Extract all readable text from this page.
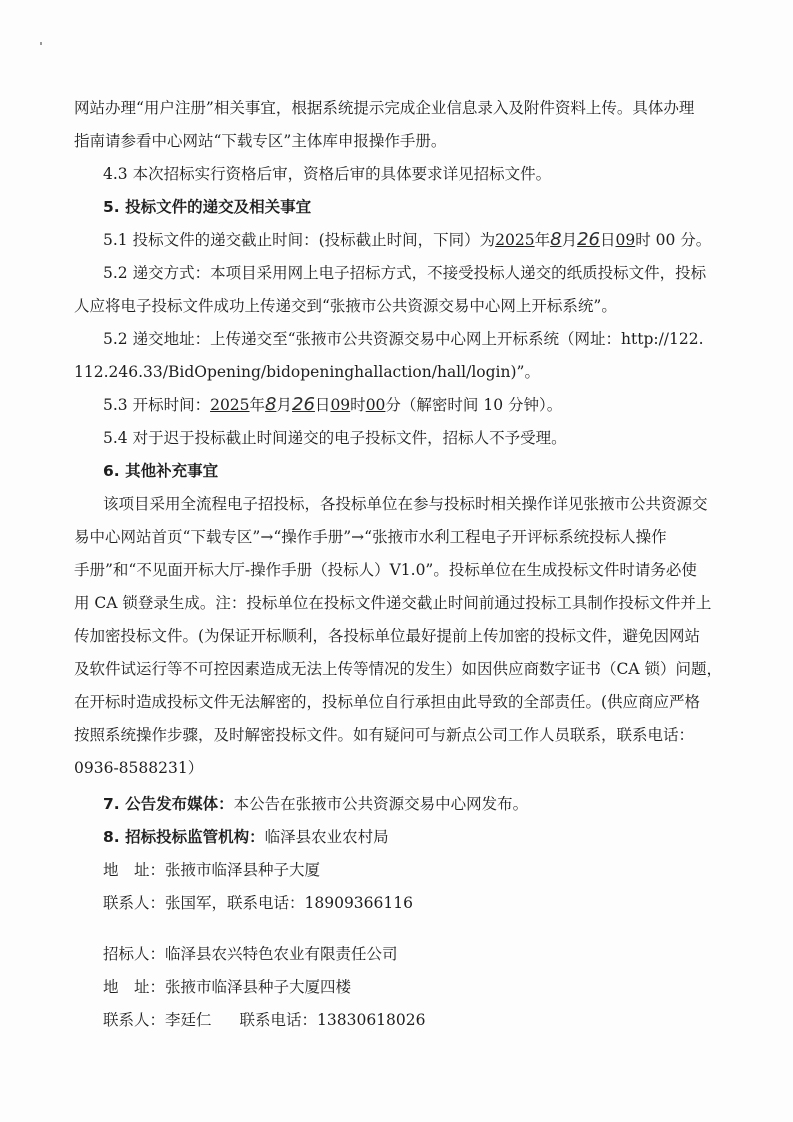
网站办理“用户注册”相关事宜，根据系统提示完成企业信息录入及附件资料上传。具体办理
指南请参看中心网站“下载专区”主体库申报操作手册。
4.3 本次招标实行资格后审，资格后审的具体要求详见招标文件。
5. 投标文件的递交及相关事宜
5.1 投标文件的递交截止时间：(投标截止时间，下同）为2025年8月26日09时 00 分。
5.2 递交方式：本项目采用网上电子招标方式，不接受投标人递交的纸质投标文件，投标
人应将电子投标文件成功上传递交到“张掖市公共资源交易中心网上开标系统”。
5.2 递交地址：上传递交至“张掖市公共资源交易中心网上开标系统（网址：http://122.
112.246.33/BidOpening/bidopeninghallaction/hall/login)”。
5.3 开标时间：2025年8月26日09时00分（解密时间 10 分钟）。
5.4 对于迟于投标截止时间递交的电子投标文件，招标人不予受理。
6. 其他补充事宜
该项目采用全流程电子招投标，各投标单位在参与投标时相关操作详见张掖市公共资源交
易中心网站首页“下载专区”→“操作手册”→“张掖市水利工程电子开评标系统投标人操作
手册”和“不见面开标大厅-操作手册（投标人）V1.0”。投标单位在生成投标文件时请务必使
用 CA 锁登录生成。注：投标单位在投标文件递交截止时间前通过投标工具制作投标文件并上
传加密投标文件。(为保证开标顺利，各投标单位最好提前上传加密的投标文件，避免因网站
及软件试运行等不可控因素造成无法上传等情况的发生）如因供应商数字证书（CA 锁）问题，
在开标时造成投标文件无法解密的，投标单位自行承担由此导致的全部责任。(供应商应严格
按照系统操作步骤，及时解密投标文件。如有疑问可与新点公司工作人员联系，联系电话：
0936-8588231）
7. 公告发布媒体：本公告在张掖市公共资源交易中心网发布。
8. 招标投标监管机构：临泽县农业农村局
地　址：张掖市临泽县种子大厦
联系人：张国军，联系电话：18909366116
招标人：临泽县农兴特色农业有限责任公司
地　址：张掖市临泽县种子大厦四楼
联系人：李廷仁 联系电话：13830618026
